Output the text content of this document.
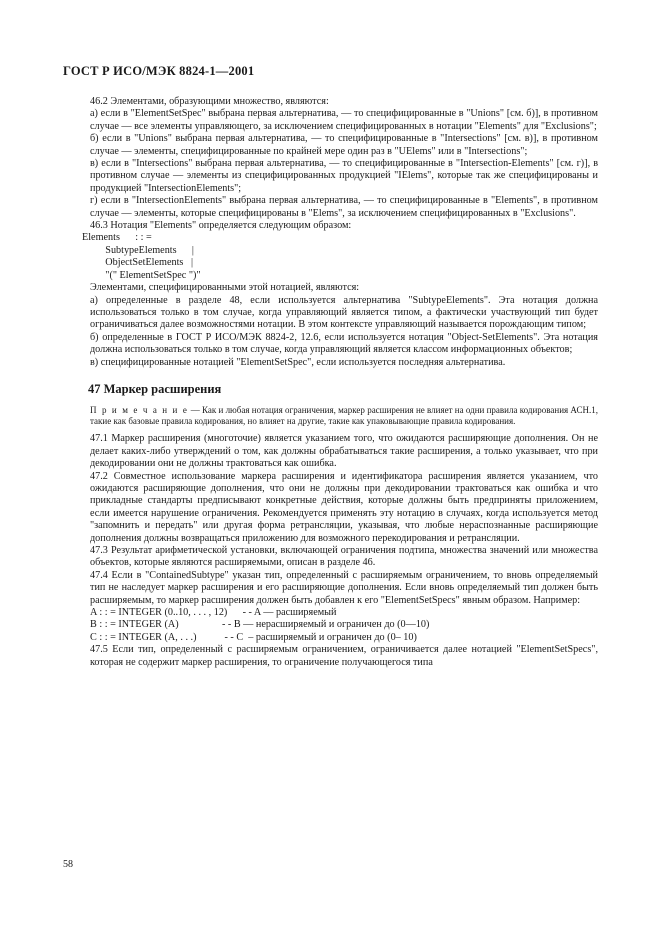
ГОСТ Р ИСО/МЭК 8824-1—2001

46.2 Элементами, образующими множество, являются:

а) если в "ElementSetSpec" выбрана первая альтернатива, — то специфицированные в "Unions" [см. б)], в противном случае — все элементы управляющего, за исключением специфицированных в нотации "Elements" для "Exclusions";

б) если в "Unions" выбрана первая альтернатива, — то специфицированные в "Intersections" [см. в)], в противном случае — элементы, специфицированные по крайней мере один раз в "UElems" или в "Intersections";

в) если в "Intersections" выбрана первая альтернатива, — то специфицированные в "Intersection-Elements" [см. г)], в противном случае — элементы из специфицированных продукцией "IElems", которые так же специфицированы и продукцией "IntersectionElements";

г) если в "IntersectionElements" выбрана первая альтернатива, — то специфицированные в "Elements", в противном случае — элементы, которые специфицированы в "Elems", за исключением специфицированных в "Exclusions".

46.3 Нотация "Elements" определяется следующим образом:

Elements      : : =

SubtypeElements      |

ObjectSetElements   |

"(" ElementSetSpec ")"

Элементами, специфицированными этой нотацией, являются:

а) определенные в разделе 48, если используется альтернатива "SubtypeElements". Эта нотация должна использоваться только в том случае, когда управляющий является типом, а фактически участвующий тип будет ограничиваться далее возможностями нотации. В этом контексте управляющий называется порождающим типом;

б) определенные в ГОСТ Р ИСО/МЭК 8824-2, 12.6, если используется нотация "Object-SetElements". Эта нотация должна использоваться только в том случае, когда управляющий является классом информационных объектов;

в) специфицированные нотацией "ElementSetSpec", если используется последняя альтернатива.

47 Маркер расширения

П р и м е ч а н и е — Как и любая нотация ограничения, маркер расширения не влияет на одни правила кодирования АСН.1, такие как базовые правила кодирования, но влияет на другие, такие как упаковывающие правила кодирования.

47.1 Маркер расширения (многоточие) является указанием того, что ожидаются расширяющие дополнения. Он не делает каких-либо утверждений о том, как должны обрабатываться такие расширения, а только указывает, что при декодировании они не должны трактоваться как ошибка.

47.2 Совместное использование маркера расширения и идентификатора расширения является указанием, что ожидаются расширяющие дополнения, что они не должны при декодировании трактоваться как ошибка и что прикладные стандарты предписывают конкретные действия, которые должны быть предприняты приложением, если имеется нарушение ограничения. Рекомендуется применять эту нотацию в случаях, когда используется метод "запомнить и передать" или другая форма ретрансляции, указывая, что любые нераспознанные расширяющие дополнения должны возвращаться приложению для возможного перекодирования и ретрансляции.

47.3 Результат арифметической установки, включающей ограничения подтипа, множества значений или множества объектов, которые являются расширяемыми, описан в разделе 46.

47.4 Если в "ContainedSubtype" указан тип, определенный с расширяемым ограничением, то вновь определяемый тип не наследует маркер расширения и его расширяющие дополнения. Если вновь определяемый тип должен быть расширяемым, то маркер расширения должен быть добавлен к его "ElementSetSpecs" явным образом. Например:

A : : = INTEGER (0..10, . . . , 12)      - - A — расширяемый

B : : = INTEGER (A)                 - - B — нерасширяемый и ограничен до (0—10)

C : : = INTEGER (A, . . .)           - - C  – расширяемый и ограничен до (0– 10)

47.5 Если тип, определенный с расширяемым ограничением, ограничивается далее нотацией "ElementSetSpecs", которая не содержит маркер расширения, то ограничение получающегося типа

58
